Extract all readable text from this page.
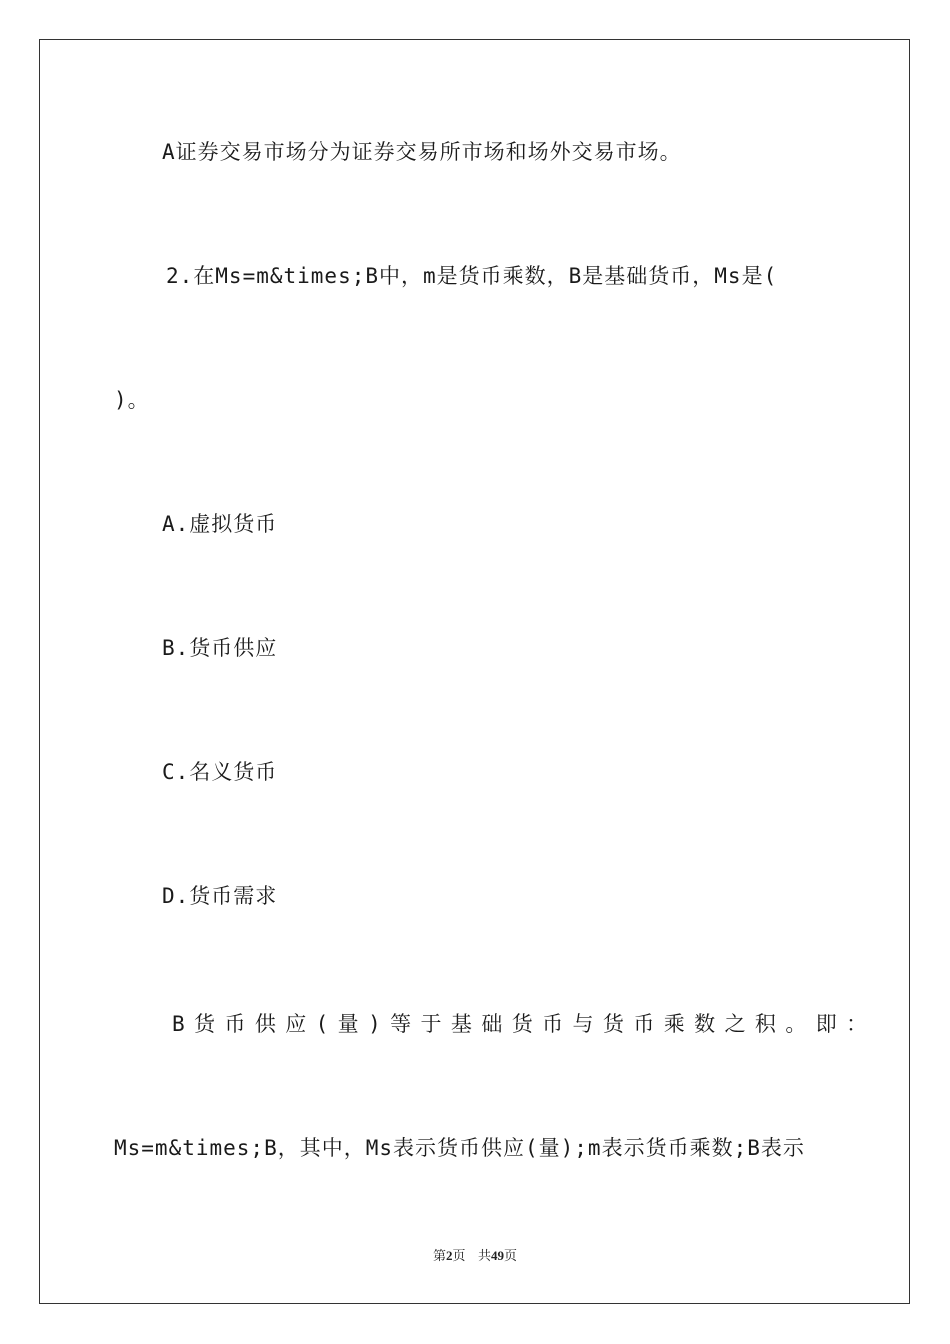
A证券交易市场分为证券交易所市场和场外交易市场。
2.在Ms=m&times;B中，m是货币乘数，B是基础货币，Ms是(
)。
A.虚拟货币
B.货币供应
C.名义货币
D.货币需求
B货币供应(量)等于基础货币与货币乘数之积。即：
Ms=m&times;B，其中，Ms表示货币供应(量);m表示货币乘数;B表示
第2页 共49页
